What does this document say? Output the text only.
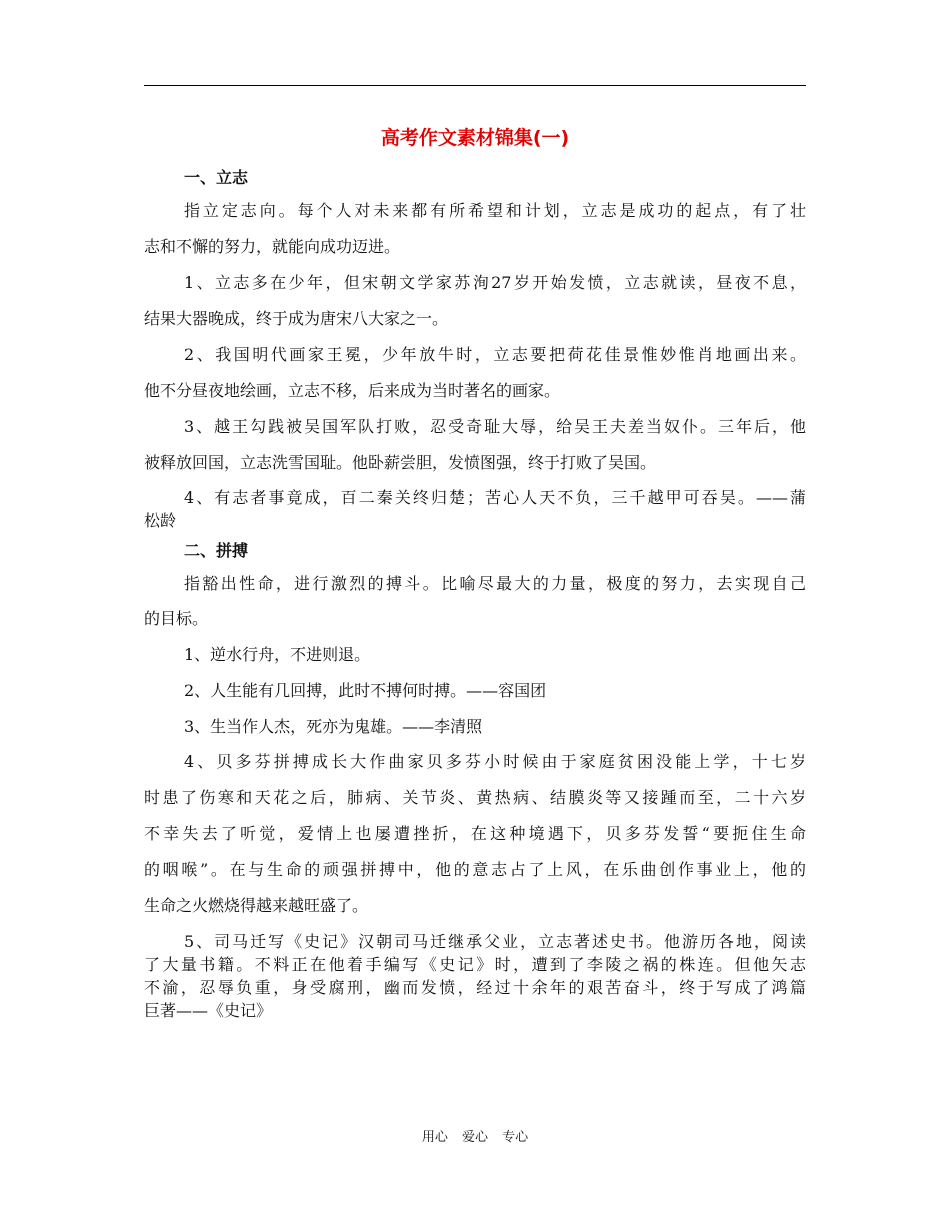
高考作文素材锦集(一)
一、立志
指立定志向。每个人对未来都有所希望和计划，立志是成功的起点，有了壮
志和不懈的努力，就能向成功迈进。
1、立志多在少年，但宋朝文学家苏洵27岁开始发愤，立志就读，昼夜不息，
结果大器晚成，终于成为唐宋八大家之一。
2、我国明代画家王冕，少年放牛时，立志要把荷花佳景惟妙惟肖地画出来。
他不分昼夜地绘画，立志不移，后来成为当时著名的画家。
3、越王勾践被吴国军队打败，忍受奇耻大辱，给吴王夫差当奴仆。三年后，他
被释放回国，立志洗雪国耻。他卧薪尝胆，发愤图强，终于打败了吴国。
4、有志者事竟成，百二秦关终归楚；苦心人天不负，三千越甲可吞吴。——蒲
松龄
二、拼搏
指豁出性命，进行激烈的搏斗。比喻尽最大的力量，极度的努力，去实现自己
的目标。
1、逆水行舟，不进则退。
2、人生能有几回搏，此时不搏何时搏。——容国团
3、生当作人杰，死亦为鬼雄。——李清照
4、贝多芬拼搏成长大作曲家贝多芬小时候由于家庭贫困没能上学，十七岁
时患了伤寒和天花之后，肺病、关节炎、黄热病、结膜炎等又接踵而至，二十六岁
不幸失去了听觉，爱情上也屡遭挫折，在这种境遇下，贝多芬发誓“要扼住生命
的咽喉”。在与生命的顽强拼搏中，他的意志占了上风，在乐曲创作事业上，他的
生命之火燃烧得越来越旺盛了。
5、司马迁写《史记》汉朝司马迁继承父业，立志著述史书。他游历各地，阅读
了大量书籍。不料正在他着手编写《史记》时，遭到了李陵之祸的株连。但他矢志
不渝，忍辱负重，身受腐刑，幽而发愤，经过十余年的艰苦奋斗，终于写成了鸿篇
巨著——《史记》
用心 爱心 专心
